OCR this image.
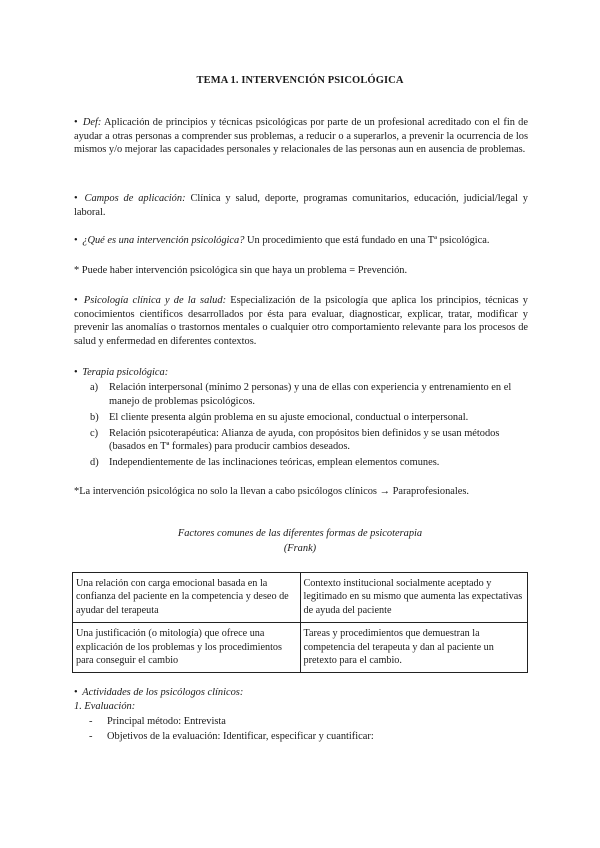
TEMA 1. INTERVENCIÓN PSICOLÓGICA
• Def: Aplicación de principios y técnicas psicológicas por parte de un profesional acreditado con el fin de ayudar a otras personas a comprender sus problemas, a reducir o a superarlos, a prevenir la ocurrencia de los mismos y/o mejorar las capacidades personales y relacionales de las personas aun en ausencia de problemas.
• Campos de aplicación: Clínica y salud, deporte, programas comunitarios, educación, judicial/legal y laboral.
• ¿Qué es una intervención psicológica? Un procedimiento que está fundado en una Tª psicológica.
* Puede haber intervención psicológica sin que haya un problema = Prevención.
• Psicología clínica y de la salud: Especialización de la psicología que aplica los principios, técnicas y conocimientos científicos desarrollados por ésta para evaluar, diagnosticar, explicar, tratar, modificar y prevenir las anomalías o trastornos mentales o cualquier otro comportamiento relevante para los procesos de salud y enfermedad en diferentes contextos.
• Terapia psicológica:
a) Relación interpersonal (mínimo 2 personas) y una de ellas con experiencia y entrenamiento en el manejo de problemas psicológicos.
b) El cliente presenta algún problema en su ajuste emocional, conductual o interpersonal.
c) Relación psicoterapéutica: Alianza de ayuda, con propósitos bien definidos y se usan métodos (basados en Tª formales) para producir cambios deseados.
d) Independientemente de las inclinaciones teóricas, emplean elementos comunes.
*La intervención psicológica no solo la llevan a cabo psicólogos clínicos → Paraprofesionales.
Factores comunes de las diferentes formas de psicoterapia
(Frank)
Una relación con carga emocional basada en la confianza del paciente en la competencia y deseo de ayudar del terapeuta	Contexto institucional socialmente aceptado y legitimado en su mismo que aumenta las expectativas de ayuda del paciente
Una justificación (o mitología) que ofrece una explicación de los problemas y los procedimientos para conseguir el cambio	Tareas y procedimientos que demuestran la competencia del terapeuta y dan al paciente un pretexto para el cambio.
• Actividades de los psicólogos clínicos:
1. Evaluación:
- Principal método: Entrevista
- Objetivos de la evaluación: Identificar, especificar y cuantificar:
